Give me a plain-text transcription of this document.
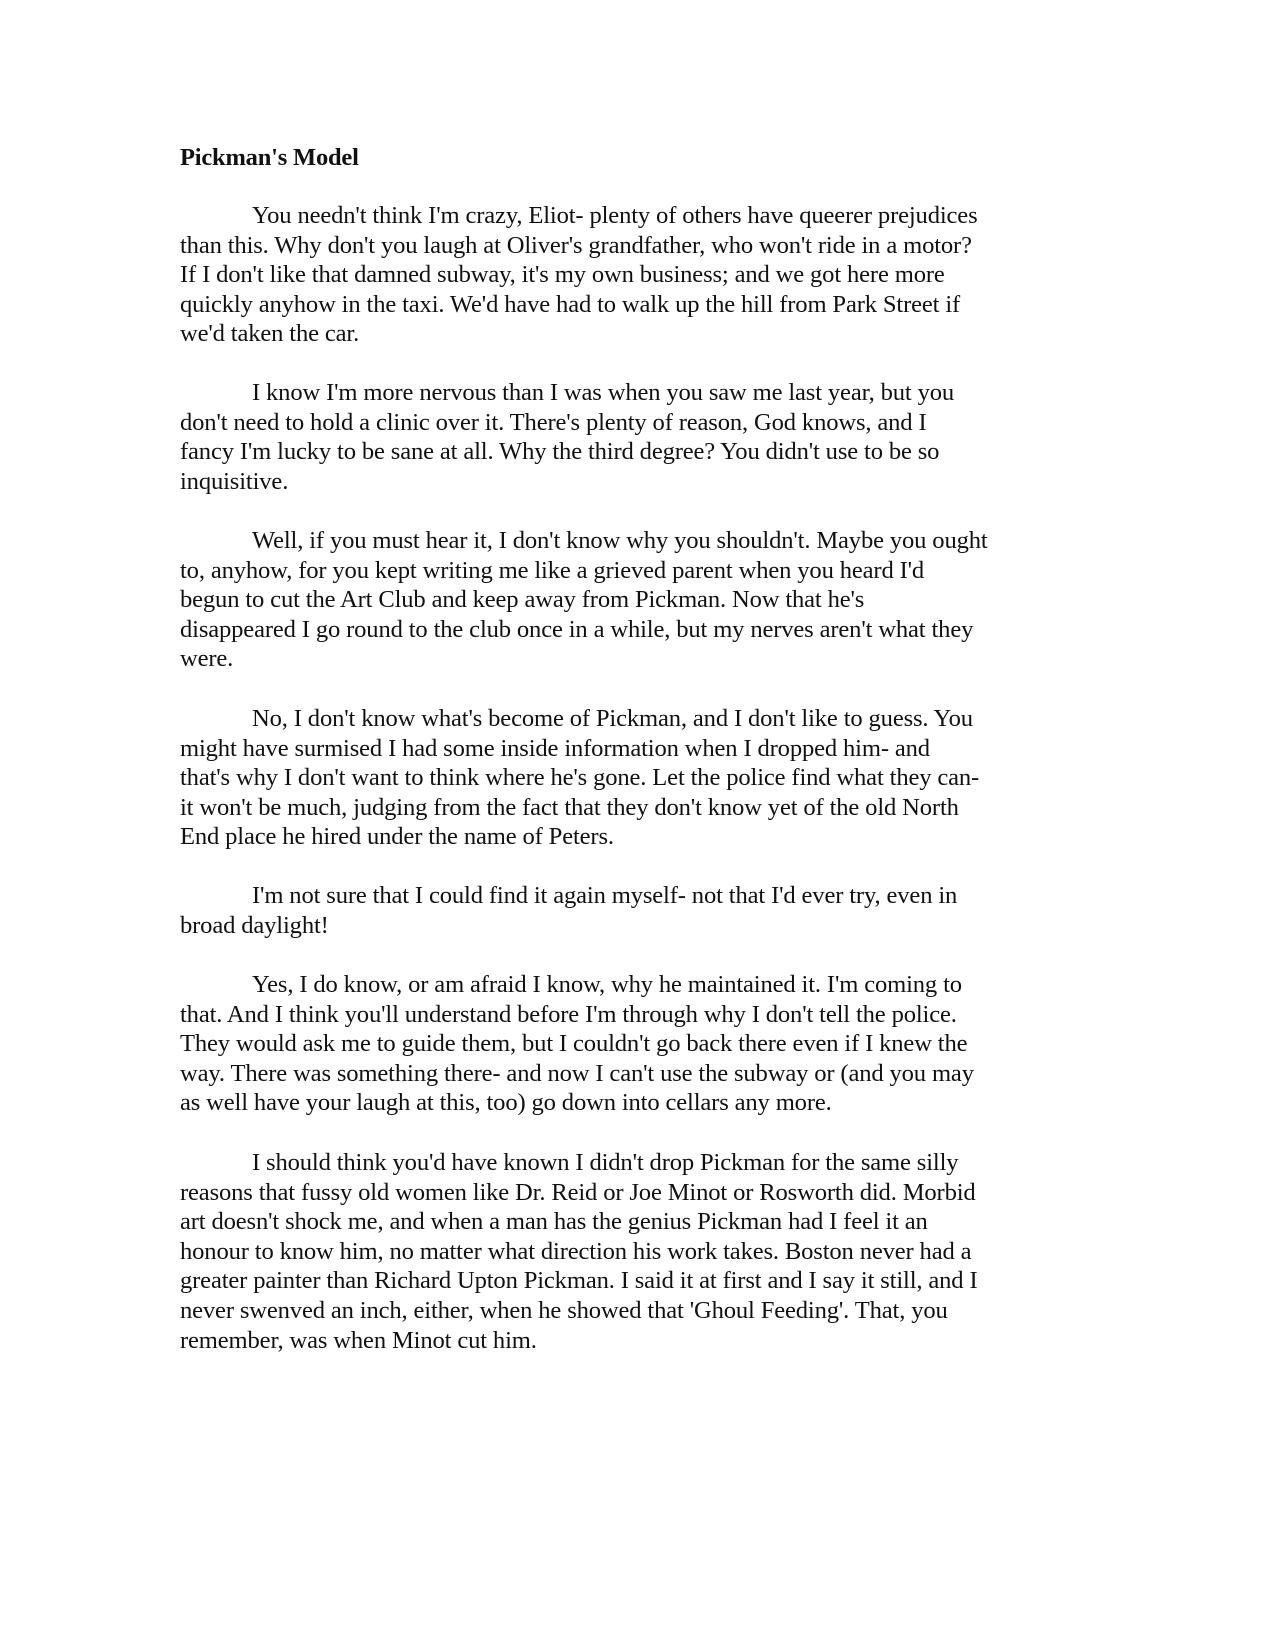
Pickman's Model

You needn't think I'm crazy, Eliot- plenty of others have queerer prejudices
than this. Why don't you laugh at Oliver's grandfather, who won't ride in a motor?
If I don't like that damned subway, it's my own business; and we got here more
quickly anyhow in the taxi. We'd have had to walk up the hill from Park Street if
we'd taken the car.

I know I'm more nervous than I was when you saw me last year, but you
don't need to hold a clinic over it. There's plenty of reason, God knows, and I
fancy I'm lucky to be sane at all. Why the third degree? You didn't use to be so
inquisitive.

Well, if you must hear it, I don't know why you shouldn't. Maybe you ought
to, anyhow, for you kept writing me like a grieved parent when you heard I'd
begun to cut the Art Club and keep away from Pickman. Now that he's
disappeared I go round to the club once in a while, but my nerves aren't what they
were.

No, I don't know what's become of Pickman, and I don't like to guess. You
might have surmised I had some inside information when I dropped him- and
that's why I don't want to think where he's gone. Let the police find what they can-
it won't be much, judging from the fact that they don't know yet of the old North
End place he hired under the name of Peters.

I'm not sure that I could find it again myself- not that I'd ever try, even in
broad daylight!

Yes, I do know, or am afraid I know, why he maintained it. I'm coming to
that. And I think you'll understand before I'm through why I don't tell the police.
They would ask me to guide them, but I couldn't go back there even if I knew the
way. There was something there- and now I can't use the subway or (and you may
as well have your laugh at this, too) go down into cellars any more.

I should think you'd have known I didn't drop Pickman for the same silly
reasons that fussy old women like Dr. Reid or Joe Minot or Rosworth did. Morbid
art doesn't shock me, and when a man has the genius Pickman had I feel it an
honour to know him, no matter what direction his work takes. Boston never had a
greater painter than Richard Upton Pickman. I said it at first and I say it still, and I
never swenved an inch, either, when he showed that 'Ghoul Feeding'. That, you
remember, was when Minot cut him.
